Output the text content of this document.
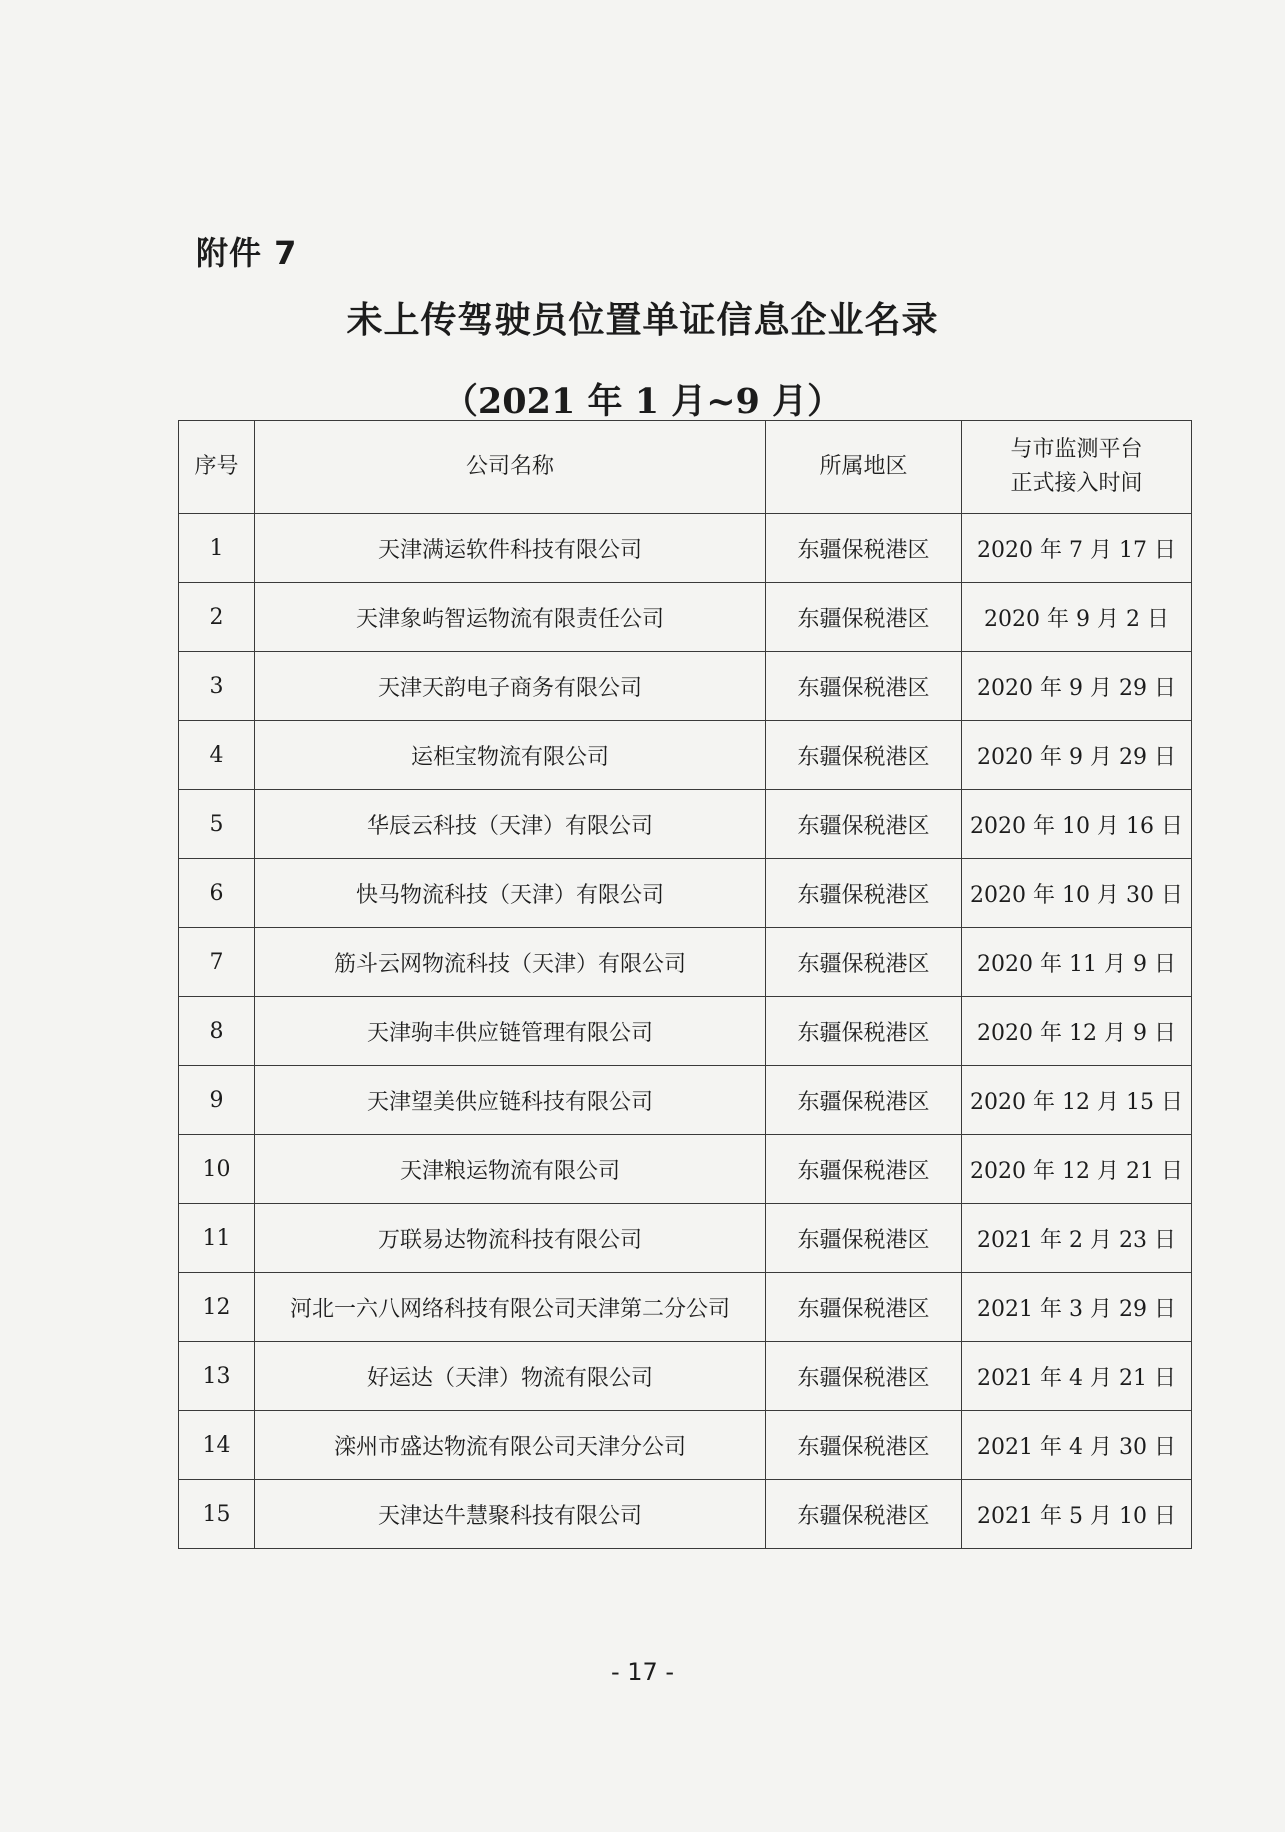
附件 7
未上传驾驶员位置单证信息企业名录
（2021 年 1 月~9 月）
序号	公司名称	所属地区	与市监测平台
正式接入时间

1	天津满运软件科技有限公司	东疆保税港区	2020 年 7 月 17 日
2	天津象屿智运物流有限责任公司	东疆保税港区	2020 年 9 月 2 日
3	天津天韵电子商务有限公司	东疆保税港区	2020 年 9 月 29 日
4	运柜宝物流有限公司	东疆保税港区	2020 年 9 月 29 日
5	华辰云科技（天津）有限公司	东疆保税港区	2020 年 10 月 16 日
6	快马物流科技（天津）有限公司	东疆保税港区	2020 年 10 月 30 日
7	筋斗云网物流科技（天津）有限公司	东疆保税港区	2020 年 11 月 9 日
8	天津驹丰供应链管理有限公司	东疆保税港区	2020 年 12 月 9 日
9	天津望美供应链科技有限公司	东疆保税港区	2020 年 12 月 15 日
10	天津粮运物流有限公司	东疆保税港区	2020 年 12 月 21 日
11	万联易达物流科技有限公司	东疆保税港区	2021 年 2 月 23 日
12	河北一六八网络科技有限公司天津第二分公司	东疆保税港区	2021 年 3 月 29 日
13	好运达（天津）物流有限公司	东疆保税港区	2021 年 4 月 21 日
14	滦州市盛达物流有限公司天津分公司	东疆保税港区	2021 年 4 月 30 日
15	天津达牛慧聚科技有限公司	东疆保税港区	2021 年 5 月 10 日
- 17 -
